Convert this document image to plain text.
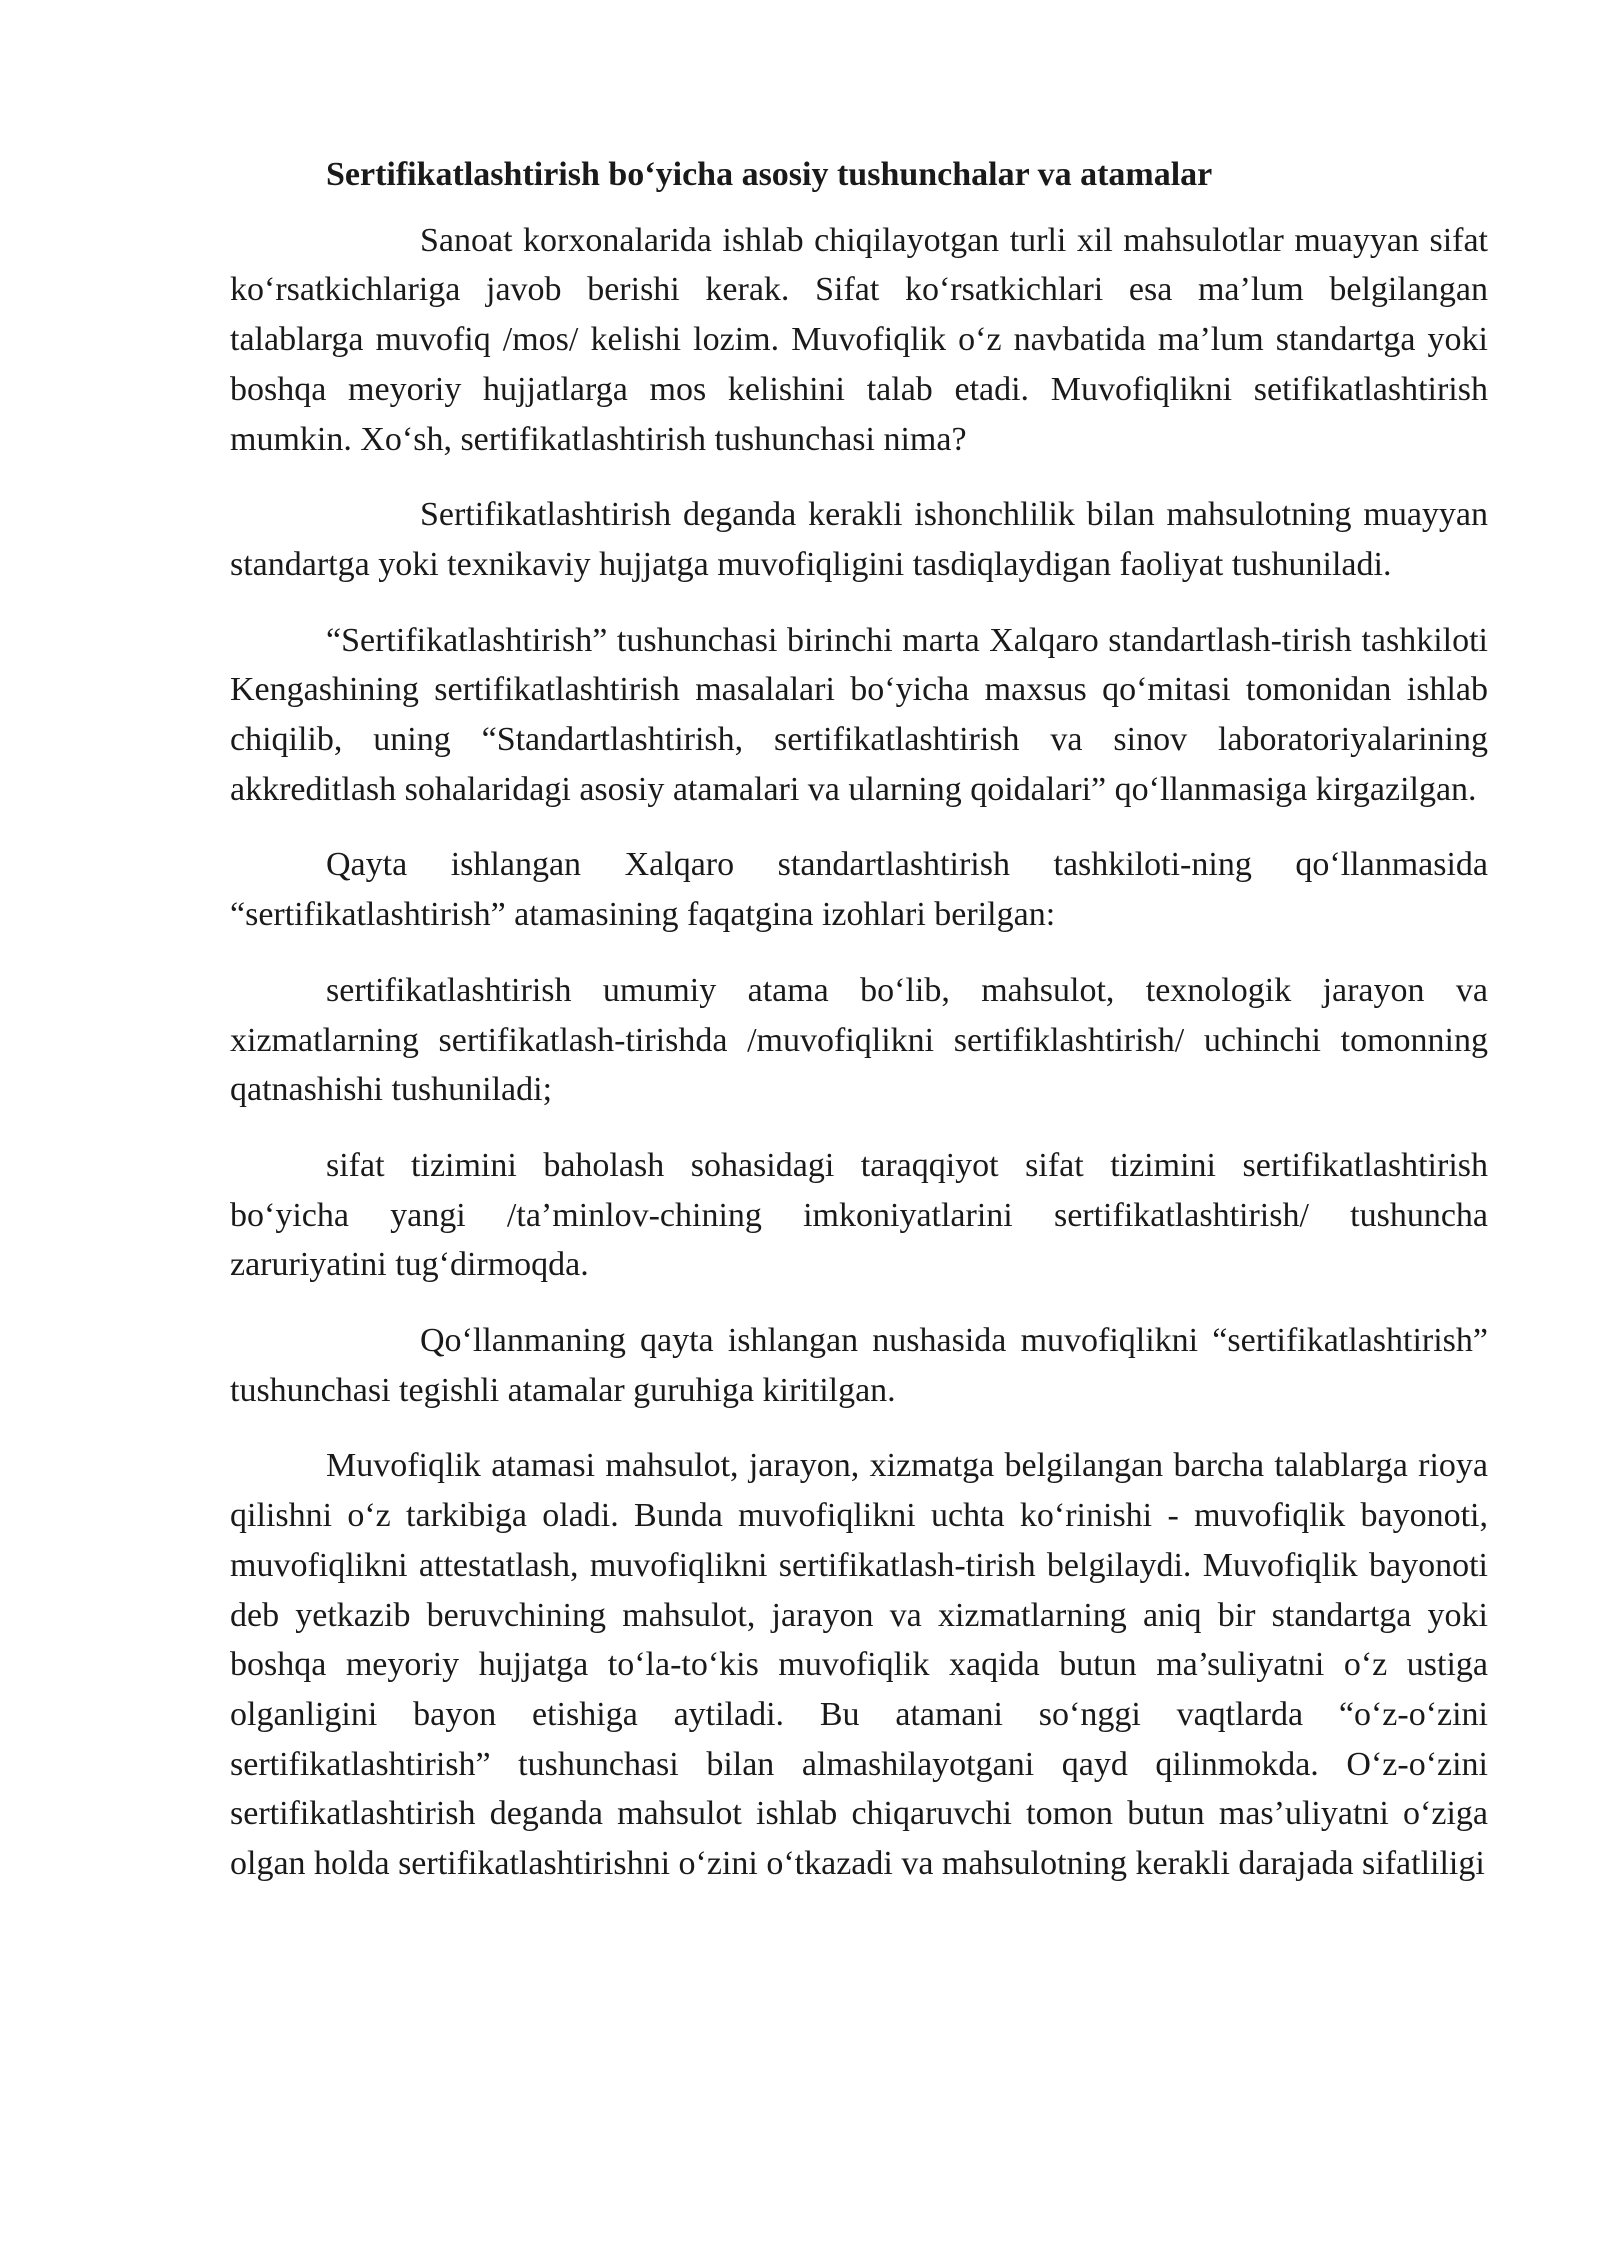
Sertifikatlashtirish bo‘yicha asosiy tushunchalar va atamalar

Sanoat korxonalarida ishlab chiqilayotgan turli xil mahsulotlar muayyan sifat ko‘rsatkichlariga javob berishi kerak. Sifat ko‘rsatkichlari esa ma’lum belgilangan talablarga muvofiq /mos/ kelishi lozim. Muvofiqlik o‘z navbatida ma’lum standartga yoki boshqa meyoriy hujjatlarga mos kelishini talab etadi. Muvofiqlikni setifikatlashtirish mumkin. Xo‘sh, sertifikatlashtirish tushunchasi nima?

Sertifikatlashtirish deganda kerakli ishonchlilik bilan mahsulotning muayyan standartga yoki texnikaviy hujjatga muvofiqligini tasdiqlaydigan faoliyat tushuniladi.

“Sertifikatlashtirish” tushunchasi birinchi marta Xalqaro standartlash-tirish tashkiloti Kengashining sertifikatlashtirish masalalari bo‘yicha maxsus qo‘mitasi tomonidan ishlab chiqilib, uning “Standartlashtirish, sertifikatlashtirish va sinov laboratoriyalarining akkreditlash sohalaridagi asosiy atamalari va ularning qoidalari” qo‘llanmasiga kirgazilgan.

Qayta ishlangan Xalqaro standartlashtirish tashkiloti-ning qo‘llanmasida “sertifikatlashtirish” atamasining faqatgina izohlari berilgan:

sertifikatlashtirish umumiy atama bo‘lib, mahsulot, texnologik jarayon va xizmatlarning sertifikatlash-tirishda /muvofiqlikni sertifiklashtirish/ uchinchi tomonning qatnashishi tushuniladi;

sifat tizimini baholash sohasidagi taraqqiyot sifat tizimini sertifikatlashtirish bo‘yicha yangi /ta’minlov-chining imkoniyatlarini sertifikatlashtirish/ tushuncha zaruriyatini tug‘dirmoqda.

Qo‘llanmaning qayta ishlangan nushasida muvofiqlikni “sertifikatlashtirish” tushunchasi tegishli atamalar guruhiga kiritilgan.

Muvofiqlik atamasi mahsulot, jarayon, xizmatga belgilangan barcha talablarga rioya qilishni o‘z tarkibiga oladi. Bunda muvofiqlikni uchta ko‘rinishi - muvofiqlik bayonoti, muvofiqlikni attestatlash, muvofiqlikni sertifikatlash-tirish belgilaydi. Muvofiqlik bayonoti deb yetkazib beruvchining mahsulot, jarayon va xizmatlarning aniq bir standartga yoki boshqa meyoriy hujjatga to‘la-to‘kis muvofiqlik xaqida butun ma’suliyatni o‘z ustiga olganligini bayon etishiga aytiladi. Bu atamani so‘nggi vaqtlarda “o‘z-o‘zini sertifikatlashtirish” tushunchasi bilan almashilayotgani qayd qilinmokda. O‘z-o‘zini sertifikatlashtirish deganda mahsulot ishlab chiqaruvchi tomon butun mas’uliyatni o‘ziga olgan holda sertifikatlashtirishni o‘zini o‘tkazadi va mahsulotning kerakli darajada sifatliligi
